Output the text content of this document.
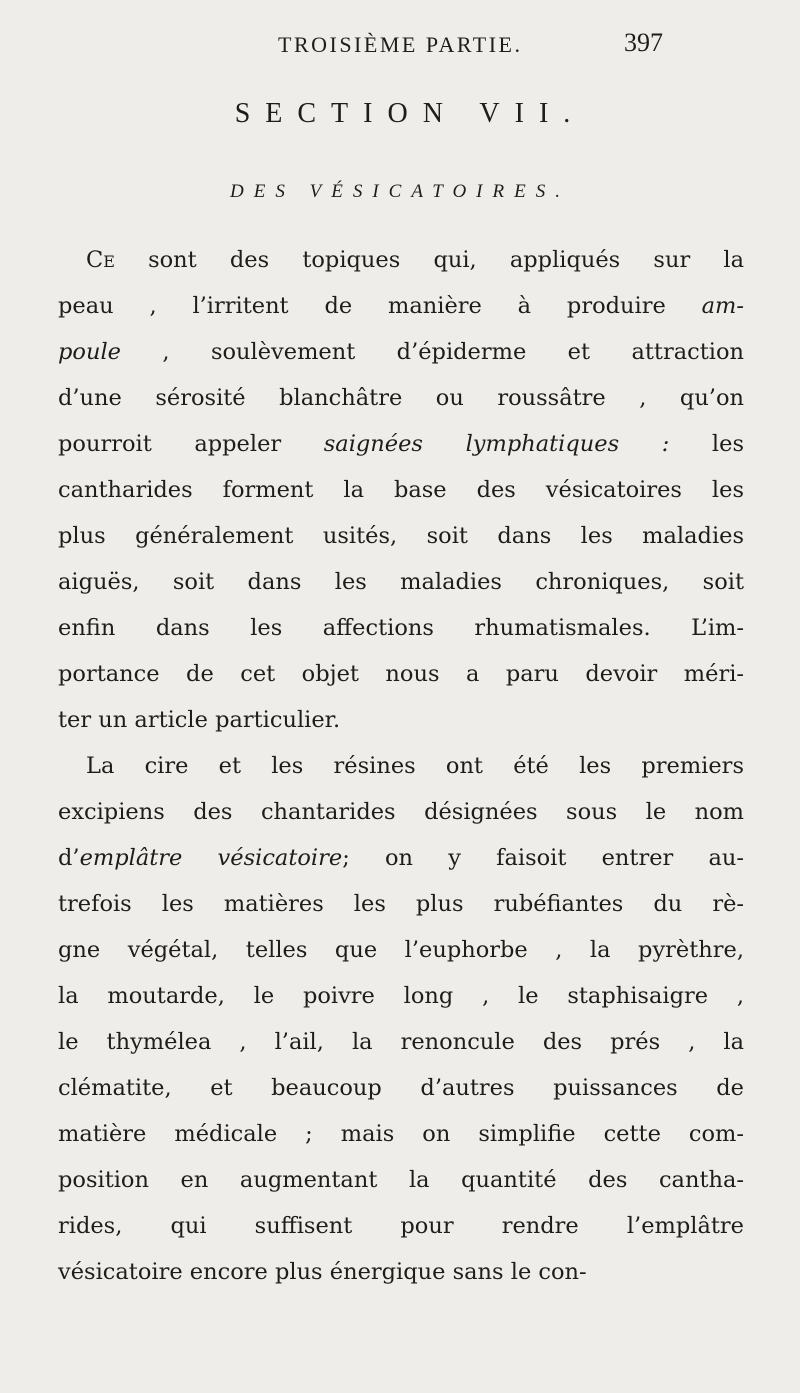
TROISIÈME PARTIE.	397
SECTION VII.
DES VÉSICATOIRES.
Ce sont des topiques qui, appliqués sur la
peau , l’irritent de manière à produire am-
poule , soulèvement d’épiderme et attraction
d’une sérosité blanchâtre ou roussâtre , qu’on
pourroit appeler saignées lymphatiques : les
cantharides forment la base des vésicatoires les
plus généralement usités, soit dans les maladies
aiguës, soit dans les maladies chroniques, soit
enfin dans les affections rhumatismales. L’im-
portance de cet objet nous a paru devoir méri-
ter un article particulier.
La cire et les résines ont été les premiers
excipiens des chantarides désignées sous le nom
d’emplâtre vésicatoire; on y faisoit entrer au-
trefois les matières les plus rubéfiantes du rè-
gne végétal, telles que l’euphorbe , la pyrèthre,
la moutarde, le poivre long , le staphisaigre ,
le thymélea , l’ail, la renoncule des prés , la
clématite, et beaucoup d’autres puissances de
matière médicale ; mais on simplifie cette com-
position en augmentant la quantité des cantha-
rides, qui suffisent pour rendre l’emplâtre
vésicatoire encore plus énergique sans le con-
